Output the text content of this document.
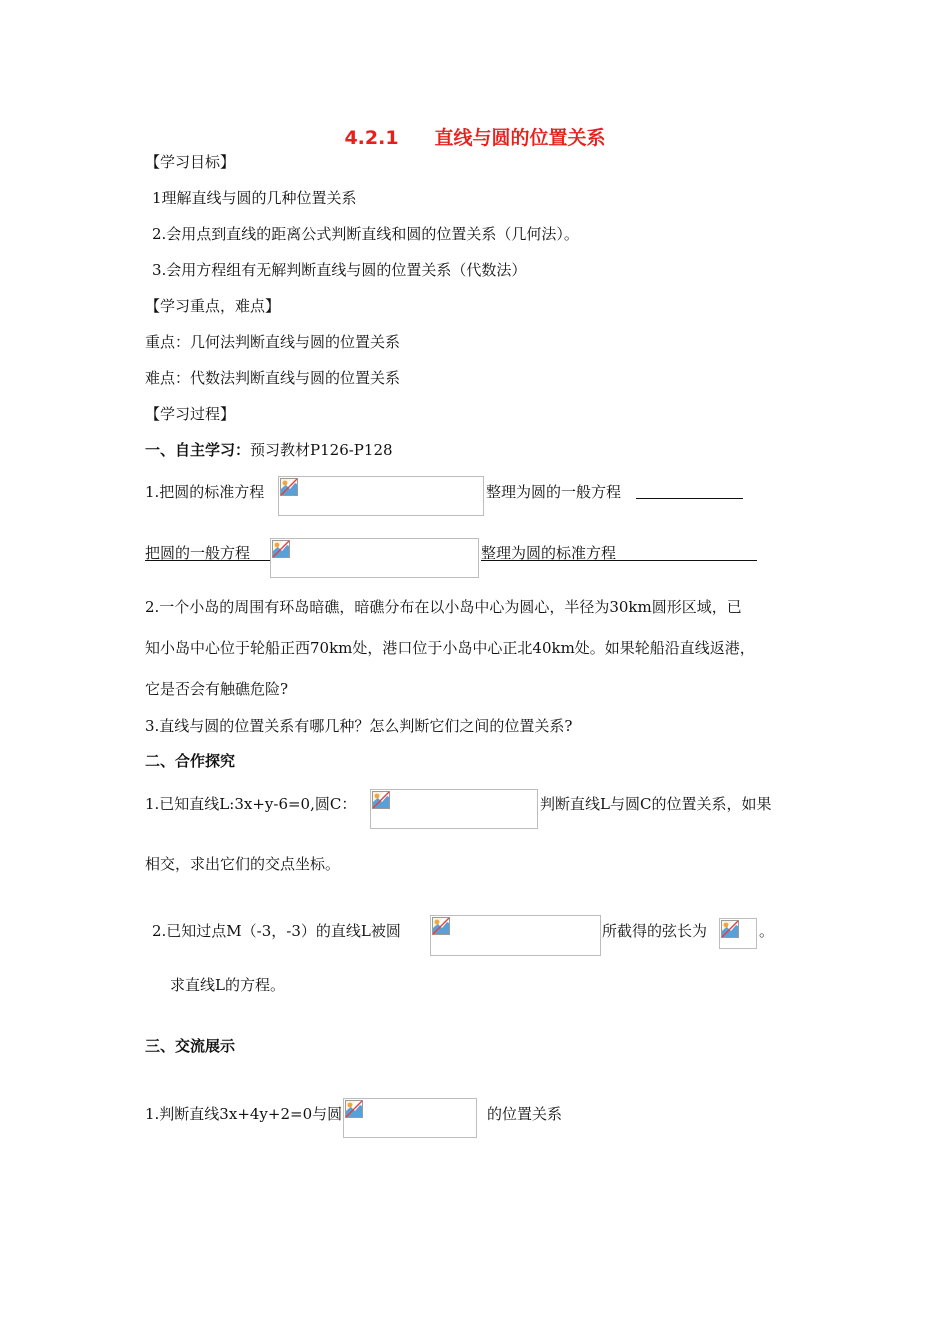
4.2.1 直线与圆的位置关系
【学习目标】
1理解直线与圆的几种位置关系
2.会用点到直线的距离公式判断直线和圆的位置关系（几何法）。
3.会用方程组有无解判断直线与圆的位置关系（代数法）
【学习重点，难点】
重点：几何法判断直线与圆的位置关系
难点：代数法判断直线与圆的位置关系
【学习过程】
一、自主学习：预习教材P126-P128
1.把圆的标准方程	整理为圆的一般方程
把圆的一般方程	整理为圆的标准方程
2.一个小岛的周围有环岛暗礁，暗礁分布在以小岛中心为圆心，半径为30km圆形区域，已
知小岛中心位于轮船正西70km处，港口位于小岛中心正北40km处。如果轮船沿直线返港，
它是否会有触礁危险?
3.直线与圆的位置关系有哪几种？怎么判断它们之间的位置关系?
二、合作探究
1.已知直线L:3x+y-6=0,圆C：	判断直线L与圆C的位置关系，如果
相交，求出它们的交点坐标。
2.已知过点M（-3，-3）的直线L被圆	所截得的弦长为	。
求直线L的方程。
三、交流展示
1.判断直线3x+4y+2=0与圆	的位置关系
